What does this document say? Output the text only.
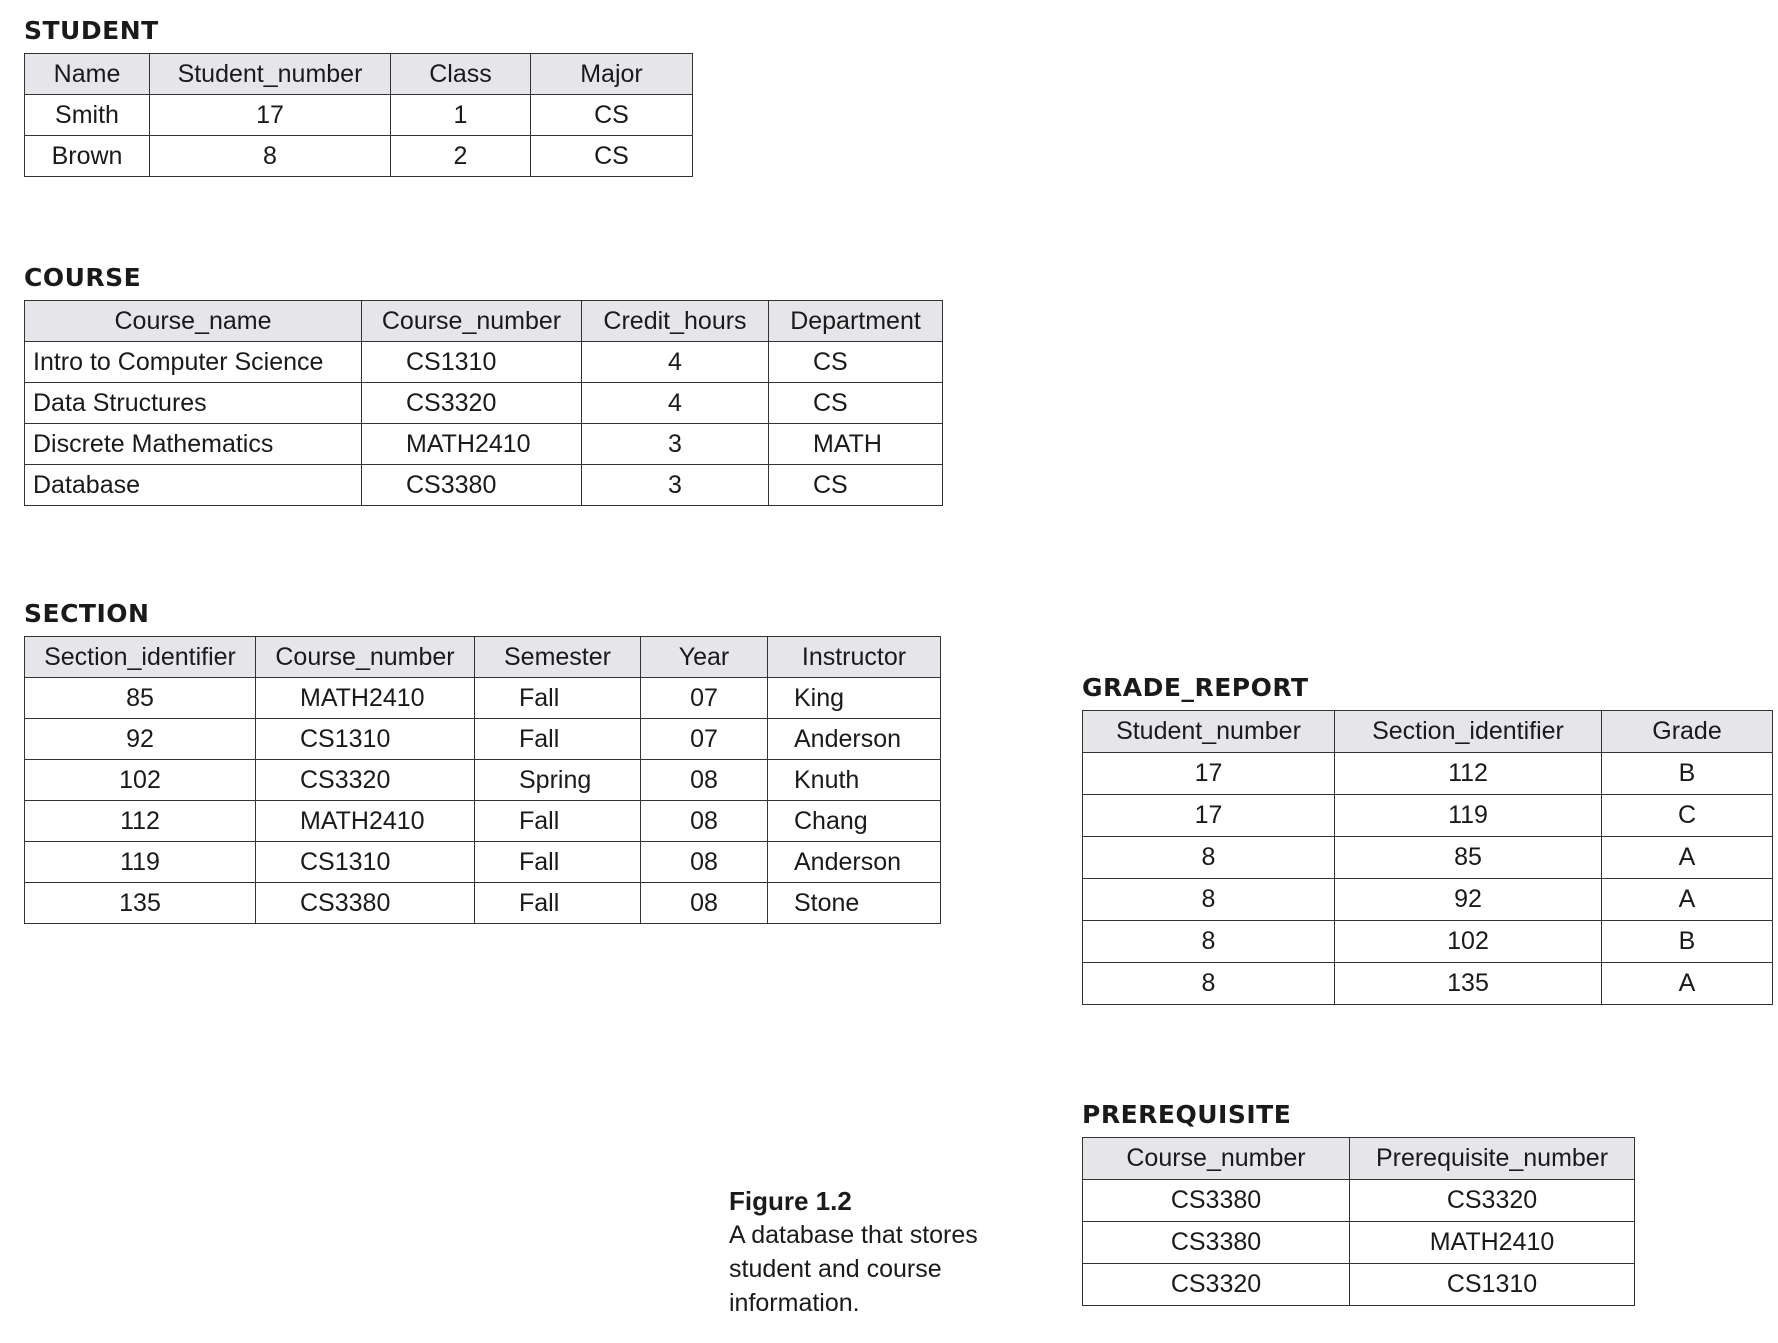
STUDENT
Name	Student_number	Class	Major
Smith	17	1	CS
Brown	8	2	CS
COURSE
Course_name	Course_number	Credit_hours	Department
Intro to Computer Science	CS1310	4	CS
Data Structures	CS3320	4	CS
Discrete Mathematics	MATH2410	3	MATH
Database	CS3380	3	CS
SECTION
Section_identifier	Course_number	Semester	Year	Instructor
85	MATH2410	Fall	07	King
92	CS1310	Fall	07	Anderson
102	CS3320	Spring	08	Knuth
112	MATH2410	Fall	08	Chang
119	CS1310	Fall	08	Anderson
135	CS3380	Fall	08	Stone
GRADE_REPORT
Student_number	Section_identifier	Grade
17	112	B
17	119	C
8	85	A
8	92	A
8	102	B
8	135	A
PREREQUISITE
Course_number	Prerequisite_number
CS3380	CS3320
CS3380	MATH2410
CS3320	CS1310
Figure 1.2
A database that stores student and course information.
